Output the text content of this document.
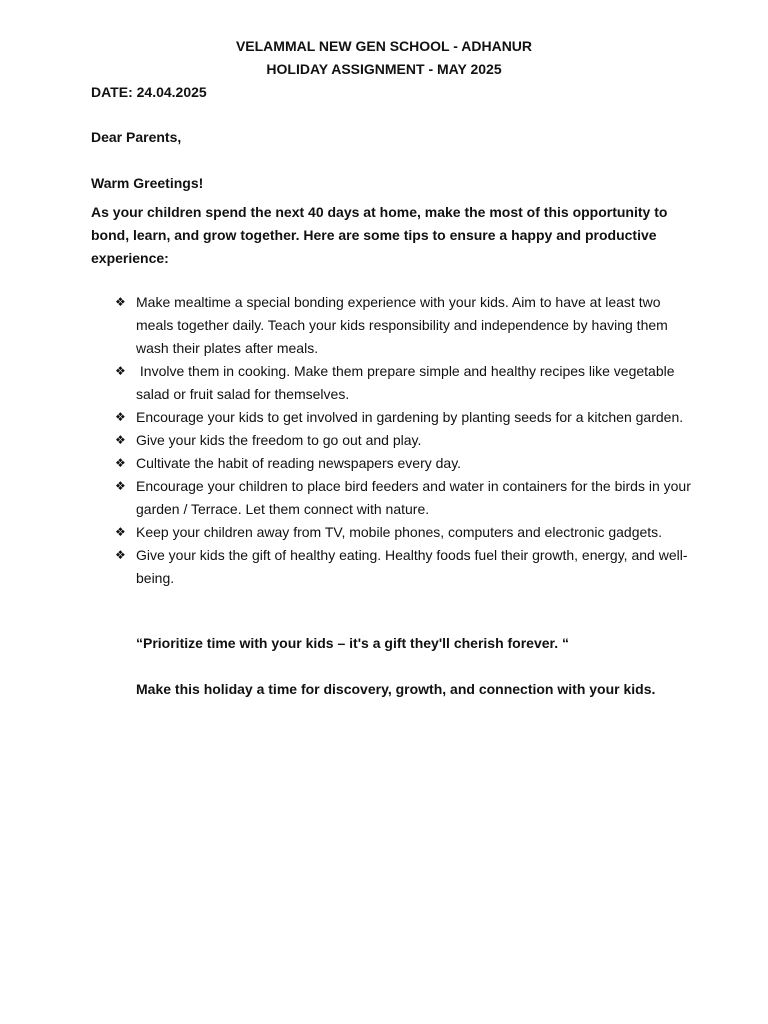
VELAMMAL NEW GEN SCHOOL - ADHANUR
HOLIDAY ASSIGNMENT - MAY 2025
DATE: 24.04.2025
Dear Parents,
Warm Greetings!
As your children spend the next 40 days at home, make the most of this opportunity to bond, learn, and grow together. Here are some tips to ensure a happy and productive experience:
❖ Make mealtime a special bonding experience with your kids. Aim to have at least two meals together daily. Teach your kids responsibility and independence by having them wash their plates after meals.
❖ Involve them in cooking. Make them prepare simple and healthy recipes like vegetable salad or fruit salad for themselves.
❖ Encourage your kids to get involved in gardening by planting seeds for a kitchen garden.
❖ Give your kids the freedom to go out and play.
❖ Cultivate the habit of reading newspapers every day.
❖ Encourage your children to place bird feeders and water in containers for the birds in your garden / Terrace. Let them connect with nature.
❖ Keep your children away from TV, mobile phones, computers and electronic gadgets.
❖ Give your kids the gift of healthy eating. Healthy foods fuel their growth, energy, and well-being.
“Prioritize time with your kids – it's a gift they'll cherish forever. “
Make this holiday a time for discovery, growth, and connection with your kids.
